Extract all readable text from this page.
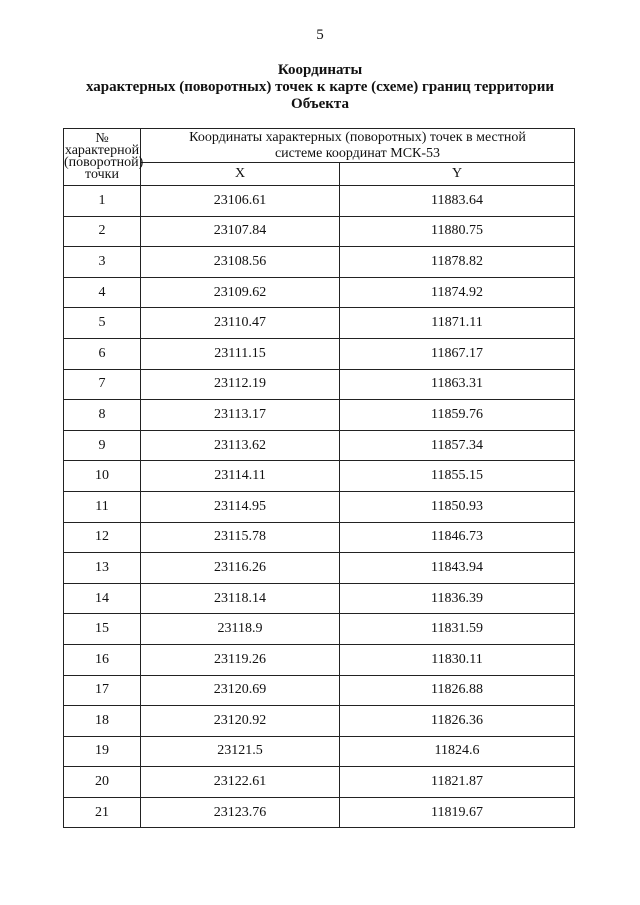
5
Координаты
характерных (поворотных) точек к карте (схеме) границ территории
Объекта
№
характерной
(поворотной)
точки	Координаты характерных (поворотных) точек в местной
системе координат МСК-53	

	X	Y
1	23106.61	11883.64
2	23107.84	11880.75
3	23108.56	11878.82
4	23109.62	11874.92
5	23110.47	11871.11
6	23111.15	11867.17
7	23112.19	11863.31
8	23113.17	11859.76
9	23113.62	11857.34
10	23114.11	11855.15
11	23114.95	11850.93
12	23115.78	11846.73
13	23116.26	11843.94
14	23118.14	11836.39
15	23118.9	11831.59
16	23119.26	11830.11
17	23120.69	11826.88
18	23120.92	11826.36
19	23121.5	11824.6
20	23122.61	11821.87
21	23123.76	11819.67
